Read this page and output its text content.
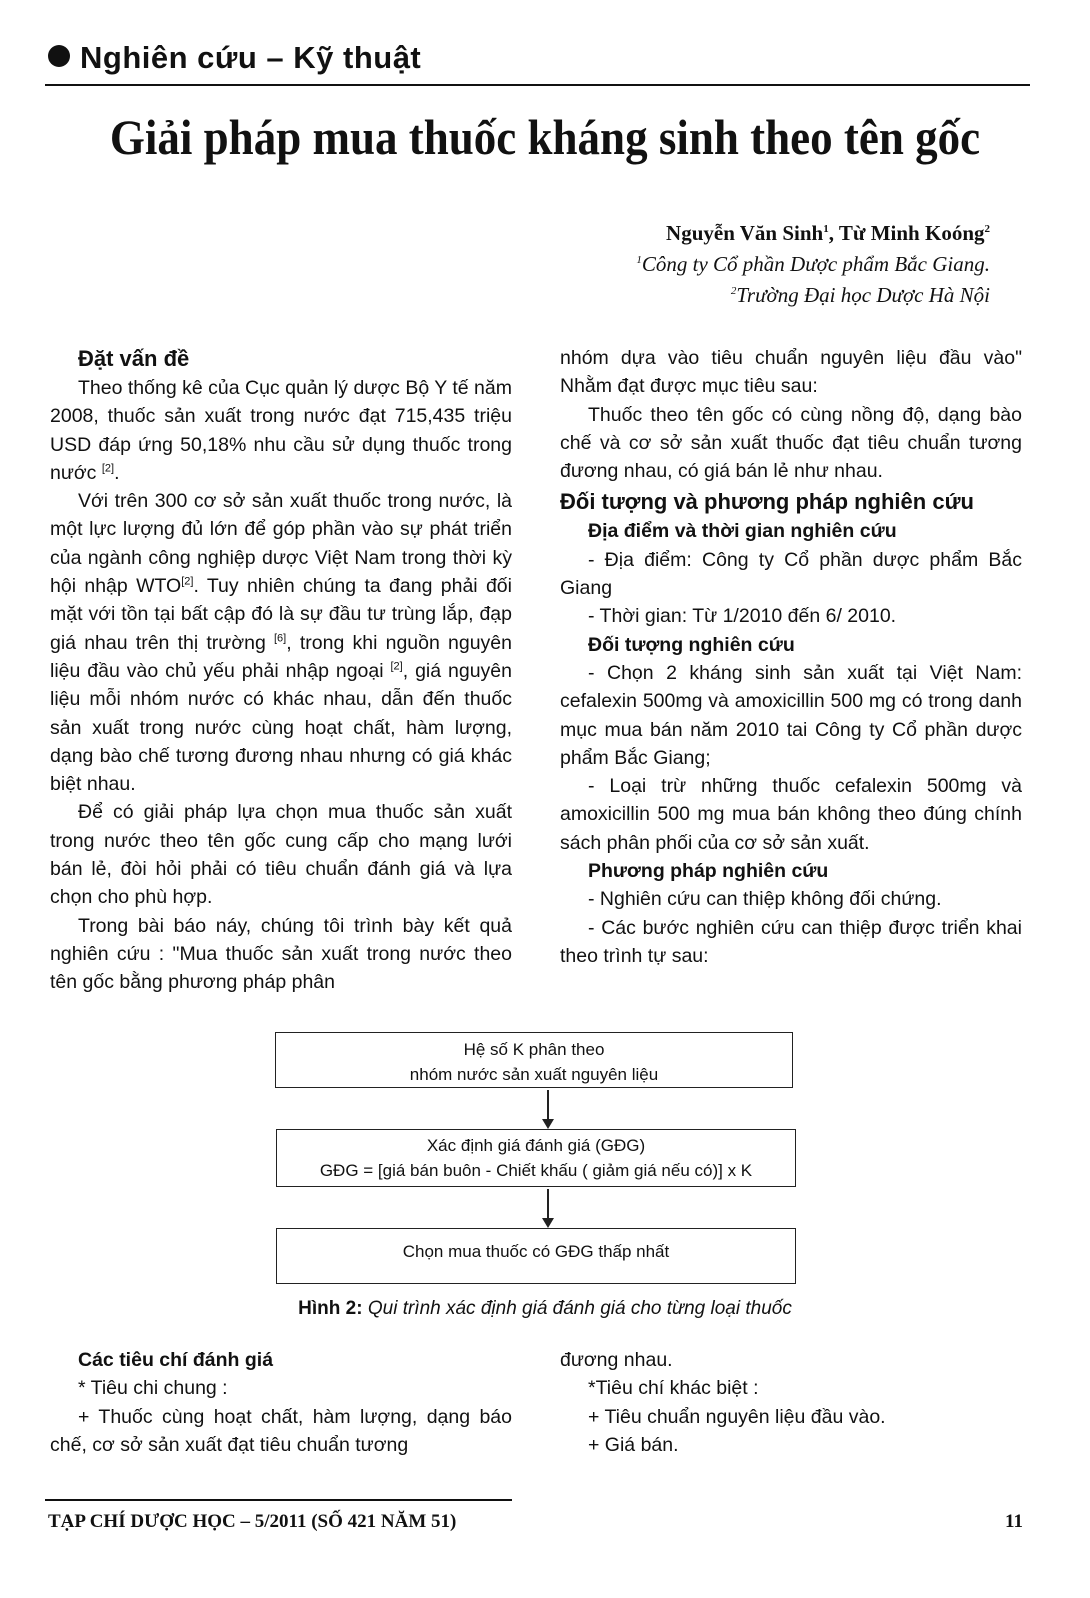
Nghiên cứu – Kỹ thuật
Giải pháp mua thuốc kháng sinh theo tên gốc
Nguyễn Văn Sinh$^1$, Từ Minh Koóng$^2$
$^1$Công ty Cổ phần Dược phẩm Bắc Giang.
$^2$Trường Đại học Dược Hà Nội
Đặt vấn đề

Theo thống kê của Cục quản lý dược Bộ Y tế năm 2008, thuốc sản xuất trong nước đạt 715,435 triệu USD đáp ứng 50,18% nhu cầu sử dụng thuốc trong nước [2].

Với trên 300 cơ sở sản xuất thuốc trong nước, là một lực lượng đủ lớn để góp phần vào sự phát triển của ngành công nghiệp dược Việt Nam trong thời kỳ hội nhập WTO[2]. Tuy nhiên chúng ta đang phải đối mặt với tồn tại bất cập đó là sự đầu tư trùng lắp, đạp giá nhau trên thị trường [6], trong khi nguồn nguyên liệu đầu vào chủ yếu phải nhập ngoại [2], giá nguyên liệu mỗi nhóm nước có khác nhau, dẫn đến thuốc sản xuất trong nước cùng hoạt chất, hàm lượng, dạng bào chế tương đương nhau nhưng có giá khác biệt nhau.

Để có giải pháp lựa chọn mua thuốc sản xuất trong nước theo tên gốc cung cấp cho mạng lưới bán lẻ, đòi hỏi phải có tiêu chuẩn đánh giá và lựa chọn cho phù hợp.

Trong bài báo náy, chúng tôi trình bày kết quả nghiên cứu : "Mua thuốc sản xuất trong nước theo tên gốc bằng phương pháp phân

nhóm dựa vào tiêu chuẩn nguyên liệu đầu vào" Nhằm đạt được mục tiêu sau:

Thuốc theo tên gốc có cùng nồng độ, dạng bào chế và cơ sở sản xuất thuốc đạt tiêu chuẩn tương đương nhau, có giá bán lẻ như nhau.

Đối tượng và phương pháp nghiên cứu
Địa điểm và thời gian nghiên cứu

- Địa điểm: Công ty Cổ phần dược phẩm Bắc Giang

- Thời gian: Từ 1/2010 đến 6/ 2010.

Đối tượng nghiên cứu

- Chọn 2 kháng sinh sản xuất tại Việt Nam: cefalexin 500mg và amoxicillin 500 mg có trong danh mục mua bán năm 2010 tai Công ty Cổ phần dược phẩm Bắc Giang;

- Loại trừ những thuốc cefalexin 500mg và amoxicillin 500 mg mua bán không theo đúng chính sách phân phối của cơ sở sản xuất.

Phương pháp nghiên cứu

- Nghiên cứu can thiệp không đối chứng.

- Các bước nghiên cứu can thiệp được triển khai theo trình tự sau:

Hệ số K phân theo
nhóm nước sản xuất nguyên liệu
Xác định giá đánh giá (GĐG)
GĐG = [giá bán buôn - Chiết khấu ( giảm giá nếu có)] x K
Chọn mua thuốc có GĐG thấp nhất
Hình 2: Qui trình xác định giá đánh giá cho từng loại thuốc
Các tiêu chí đánh giá

* Tiêu chi chung :

+ Thuốc cùng hoạt chất, hàm lượng, dạng báo chế, cơ sở sản xuất đạt tiêu chuẩn tương

đương nhau.

*Tiêu chí khác biệt :

+ Tiêu chuẩn nguyên liệu đầu vào.

+ Giá bán.

TẠP CHÍ DƯỢC HỌC – 5/2011 (SỐ 421 NĂM 51)	11
